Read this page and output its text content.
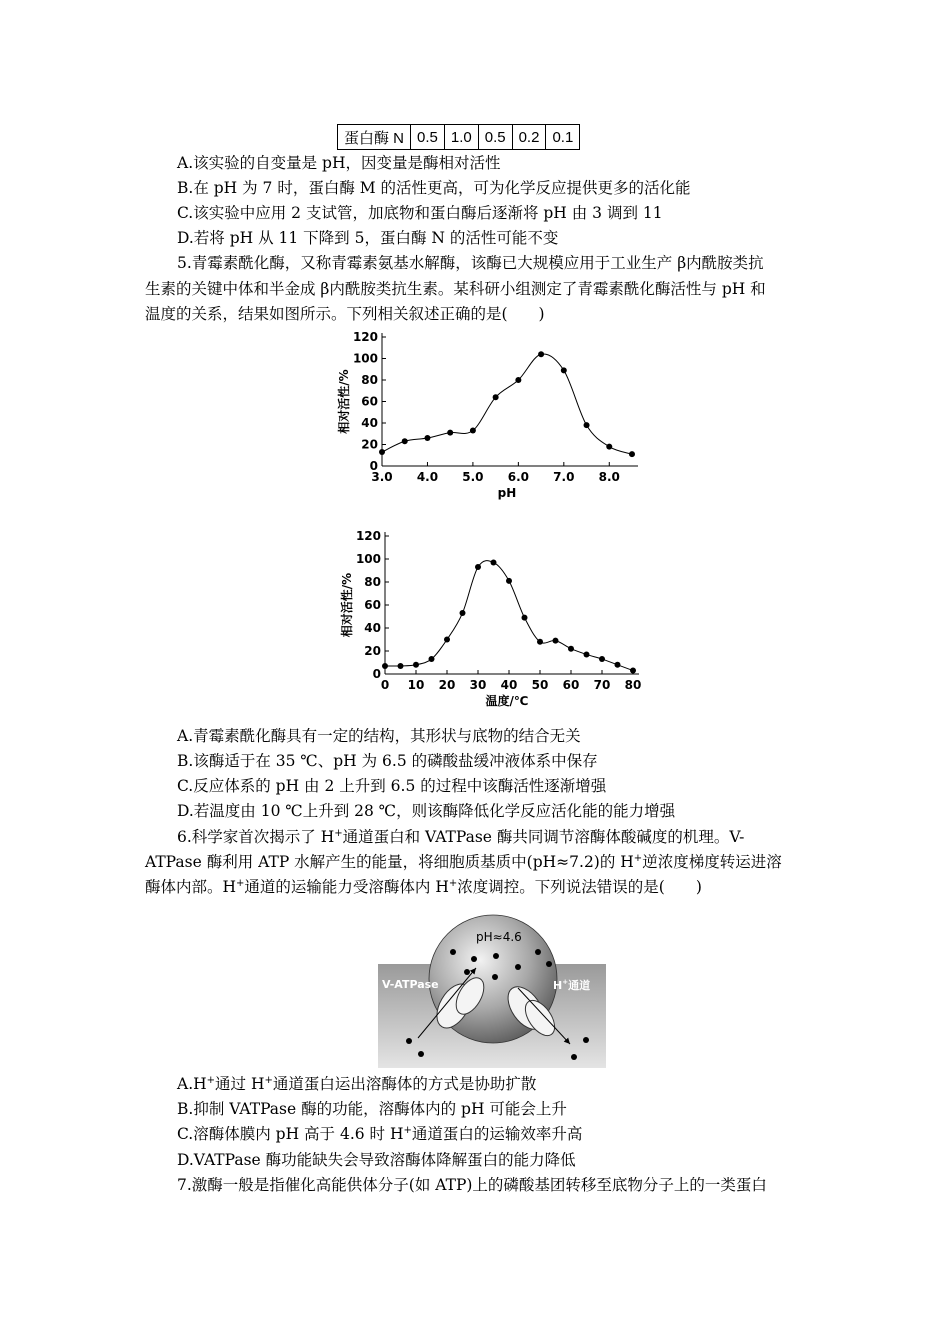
蛋白酶 N	0.5	1.0	0.5	0.2	0.1
A.该实验的自变量是 pH，因变量是酶相对活性
B.在 pH 为 7 时，蛋白酶 M 的活性更高，可为化学反应提供更多的活化能
C.该实验中应用 2 支试管，加底物和蛋白酶后逐渐将 pH 由 3 调到 11
D.若将 pH 从 11 下降到 5，蛋白酶 N 的活性可能不变
5.青霉素酰化酶，又称青霉素氨基水解酶，该酶已大规模应用于工业生产 β内酰胺类抗
生素的关键中体和半金成 β内酰胺类抗生素。某科研小组测定了青霉素酰化酶活性与 pH 和
温度的关系，结果如图所示。下列相关叙述正确的是(　　)
0
20
40
60
80
100
120
3.0 4.0 5.0 6.0 7.0 8.0
pH
相对活性/%
0
20
40
60
80
100
120
0 10 20 30 40 50 60 70 80
温度/℃
相对活性/%
A.青霉素酰化酶具有一定的结构，其形状与底物的结合无关
B.该酶适于在 35 ℃、pH 为 6.5 的磷酸盐缓冲液体系中保存
C.反应体系的 pH 由 2 上升到 6.5 的过程中该酶活性逐渐增强
D.若温度由 10 ℃上升到 28 ℃，则该酶降低化学反应活化能的能力增强
6.科学家首次揭示了 H+通道蛋白和 VATPase 酶共同调节溶酶体酸碱度的机理。V-
ATPase 酶利用 ATP 水解产生的能量，将细胞质基质中(pH≈7.2)的 H+逆浓度梯度转运进溶
酶体内部。H+通道的运输能力受溶酶体内 H+浓度调控。下列说法错误的是(　　)
pH≈4.6
V-ATPase	H+通道
A.H+通过 H+通道蛋白运出溶酶体的方式是协助扩散
B.抑制 VATPase 酶的功能，溶酶体内的 pH 可能会上升
C.溶酶体膜内 pH 高于 4.6 时 H+通道蛋白的运输效率升高
D.VATPase 酶功能缺失会导致溶酶体降解蛋白的能力降低
7.激酶一般是指催化高能供体分子(如 ATP)上的磷酸基团转移至底物分子上的一类蛋白
